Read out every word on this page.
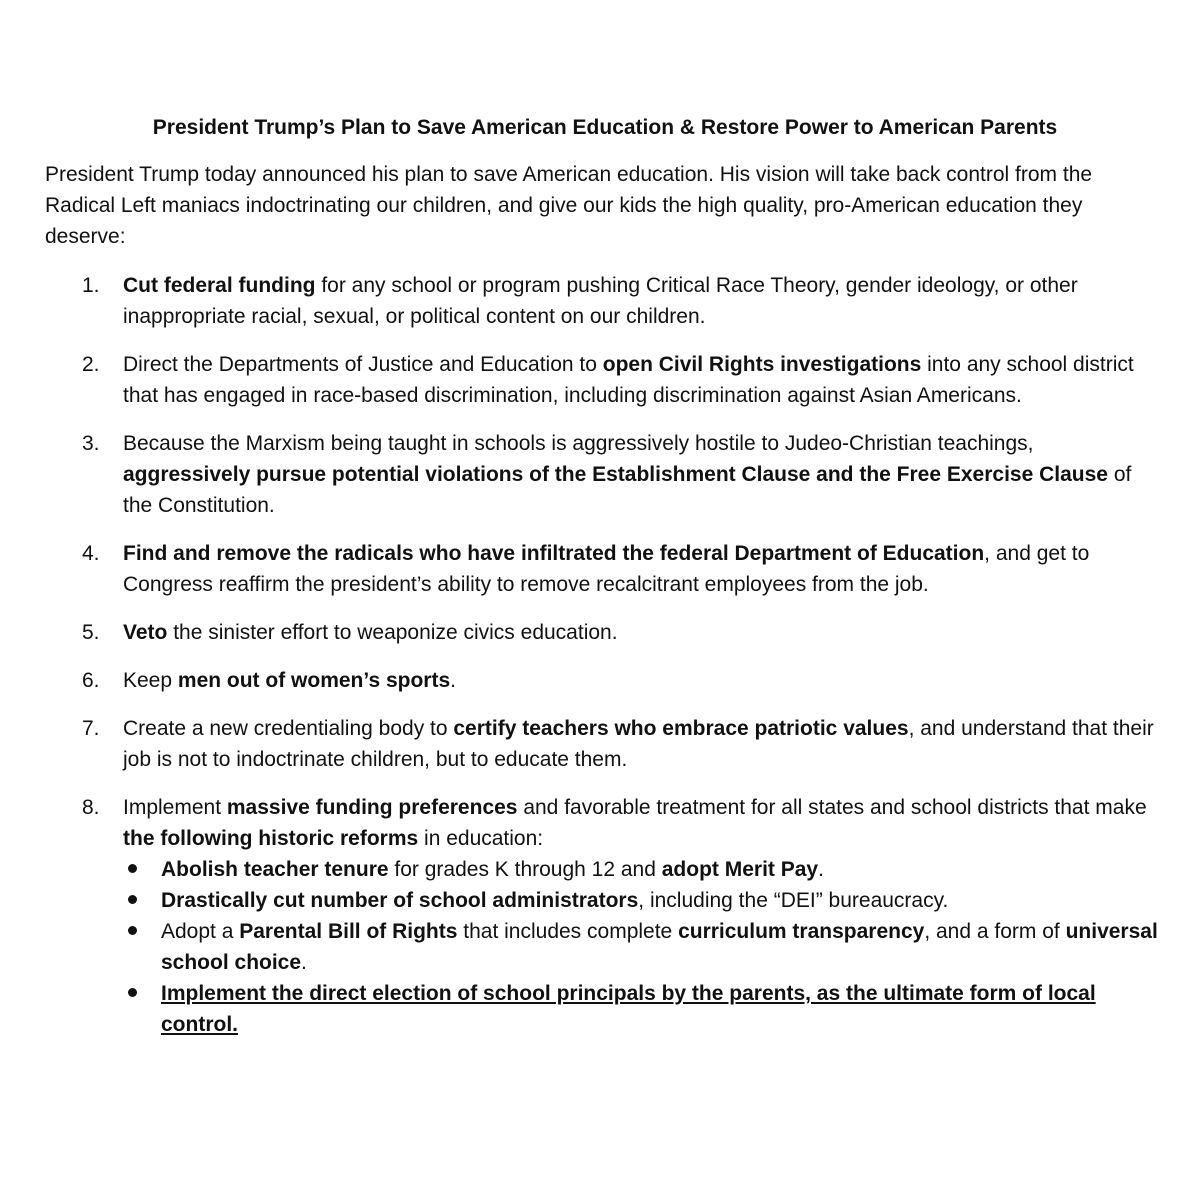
President Trump’s Plan to Save American Education & Restore Power to American Parents
President Trump today announced his plan to save American education. His vision will take back control from the Radical Left maniacs indoctrinating our children, and give our kids the high quality, pro-American education they deserve:
1. Cut federal funding for any school or program pushing Critical Race Theory, gender ideology, or other inappropriate racial, sexual, or political content on our children.
2. Direct the Departments of Justice and Education to open Civil Rights investigations into any school district that has engaged in race-based discrimination, including discrimination against Asian Americans.
3. Because the Marxism being taught in schools is aggressively hostile to Judeo-Christian teachings, aggressively pursue potential violations of the Establishment Clause and the Free Exercise Clause of the Constitution.
4. Find and remove the radicals who have infiltrated the federal Department of Education, and get to Congress reaffirm the president’s ability to remove recalcitrant employees from the job.
5. Veto the sinister effort to weaponize civics education.
6. Keep men out of women’s sports.
7. Create a new credentialing body to certify teachers who embrace patriotic values, and understand that their job is not to indoctrinate children, but to educate them.
8. Implement massive funding preferences and favorable treatment for all states and school districts that make the following historic reforms in education:
Abolish teacher tenure for grades K through 12 and adopt Merit Pay.
Drastically cut number of school administrators, including the “DEI” bureaucracy.
Adopt a Parental Bill of Rights that includes complete curriculum transparency, and a form of universal school choice.
Implement the direct election of school principals by the parents, as the ultimate form of local control.
